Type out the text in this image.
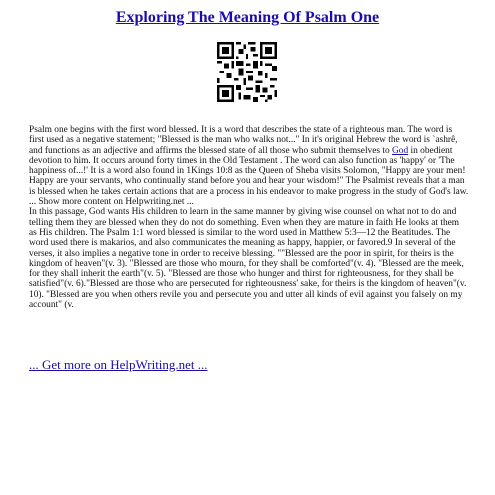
Exploring The Meaning Of Psalm One

Psalm one begins with the first word blessed. It is a word that describes the state of a righteous man. The word is first used as a negative statement; "Blessed is the man who walks not..." In it's original Hebrew the word is `ashrê, and functions as an adjective and affirms the blessed state of all those who submit themselves to God in obedient devotion to him. It occurs around forty times in the Old Testament . The word can also function as 'happy' or 'The happiness of...!' It is a word also found in 1Kings 10:8 as the Queen of Sheba visits Solomon, "Happy are your men! Happy are your servants, who continually stand before you and hear your wisdom!" The Psalmist reveals that a man is blessed when he takes certain actions that are a process in his endeavor to make progress in the study of God's law. ... Show more content on Helpwriting.net ...

In this passage, God wants His children to learn in the same manner by giving wise counsel on what not to do and telling them they are blessed when they do not do something. Even when they are mature in faith He looks at them as His children. The Psalm 1:1 word blessed is similar to the word used in Matthew 5:3––12 the Beatitudes. The word used there is makarios, and also communicates the meaning as happy, happier, or favored.9 In several of the verses, it also implies a negative tone in order to receive blessing. ""Blessed are the poor in spirit, for theirs is the kingdom of heaven"(v. 3). "Blessed are those who mourn, for they shall be comforted"(v. 4). "Blessed are the meek, for they shall inherit the earth"(v. 5). "Blessed are those who hunger and thirst for righteousness, for they shall be satisfied"(v. 6)."Blessed are those who are persecuted for righteousness' sake, for theirs is the kingdom of heaven"(v. 10). "Blessed are you when others revile you and persecute you and utter all kinds of evil against you falsely on my account" (v.

... Get more on HelpWriting.net ...
